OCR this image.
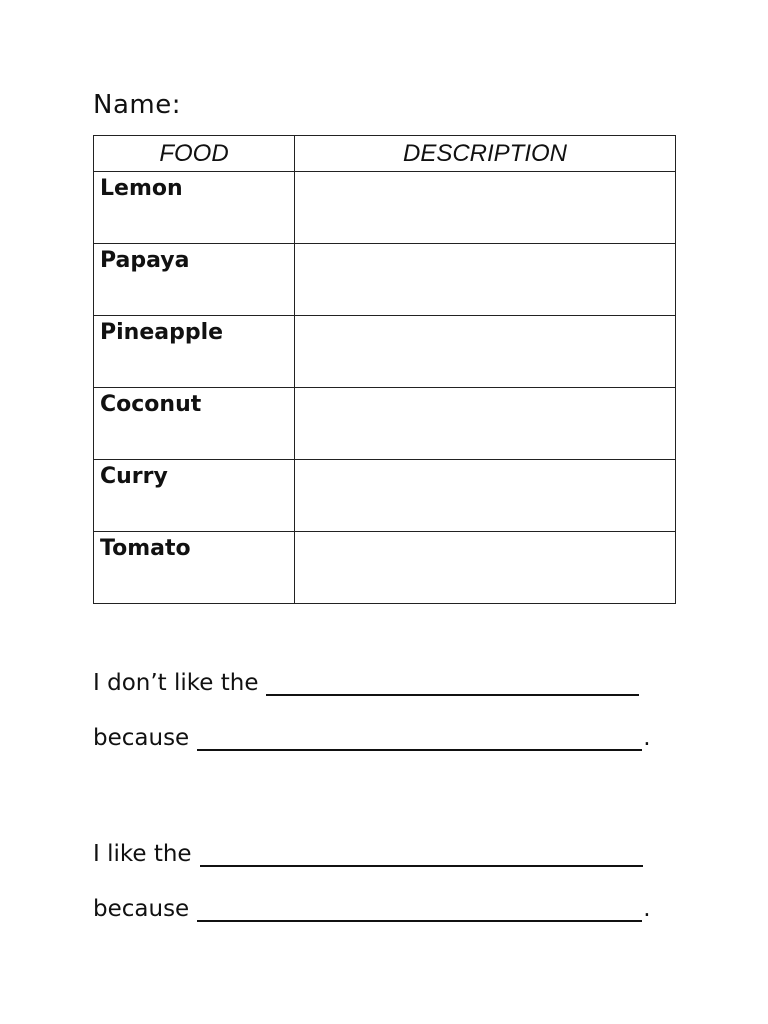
Name:
FOOD	DESCRIPTION

Lemon	

Papaya	

Pineapple	

Coconut	

Curry	

Tomato	

I don’t like the
because	.
I like the
because	.
